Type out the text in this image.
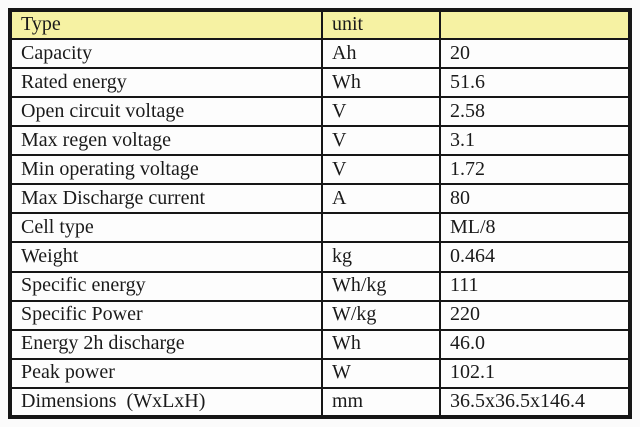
Type	unit	
Capacity	Ah	20
Rated energy	Wh	51.6
Open circuit voltage	V	2.58
Max regen voltage	V	3.1
Min operating voltage	V	1.72
Max Discharge current	A	80
Cell type		ML/8
Weight	kg	0.464
Specific energy	Wh/kg	111
Specific Power	W/kg	220
Energy 2h discharge	Wh	46.0
Peak power	W	102.1
Dimensions  (WxLxH)	mm	36.5x36.5x146.4
